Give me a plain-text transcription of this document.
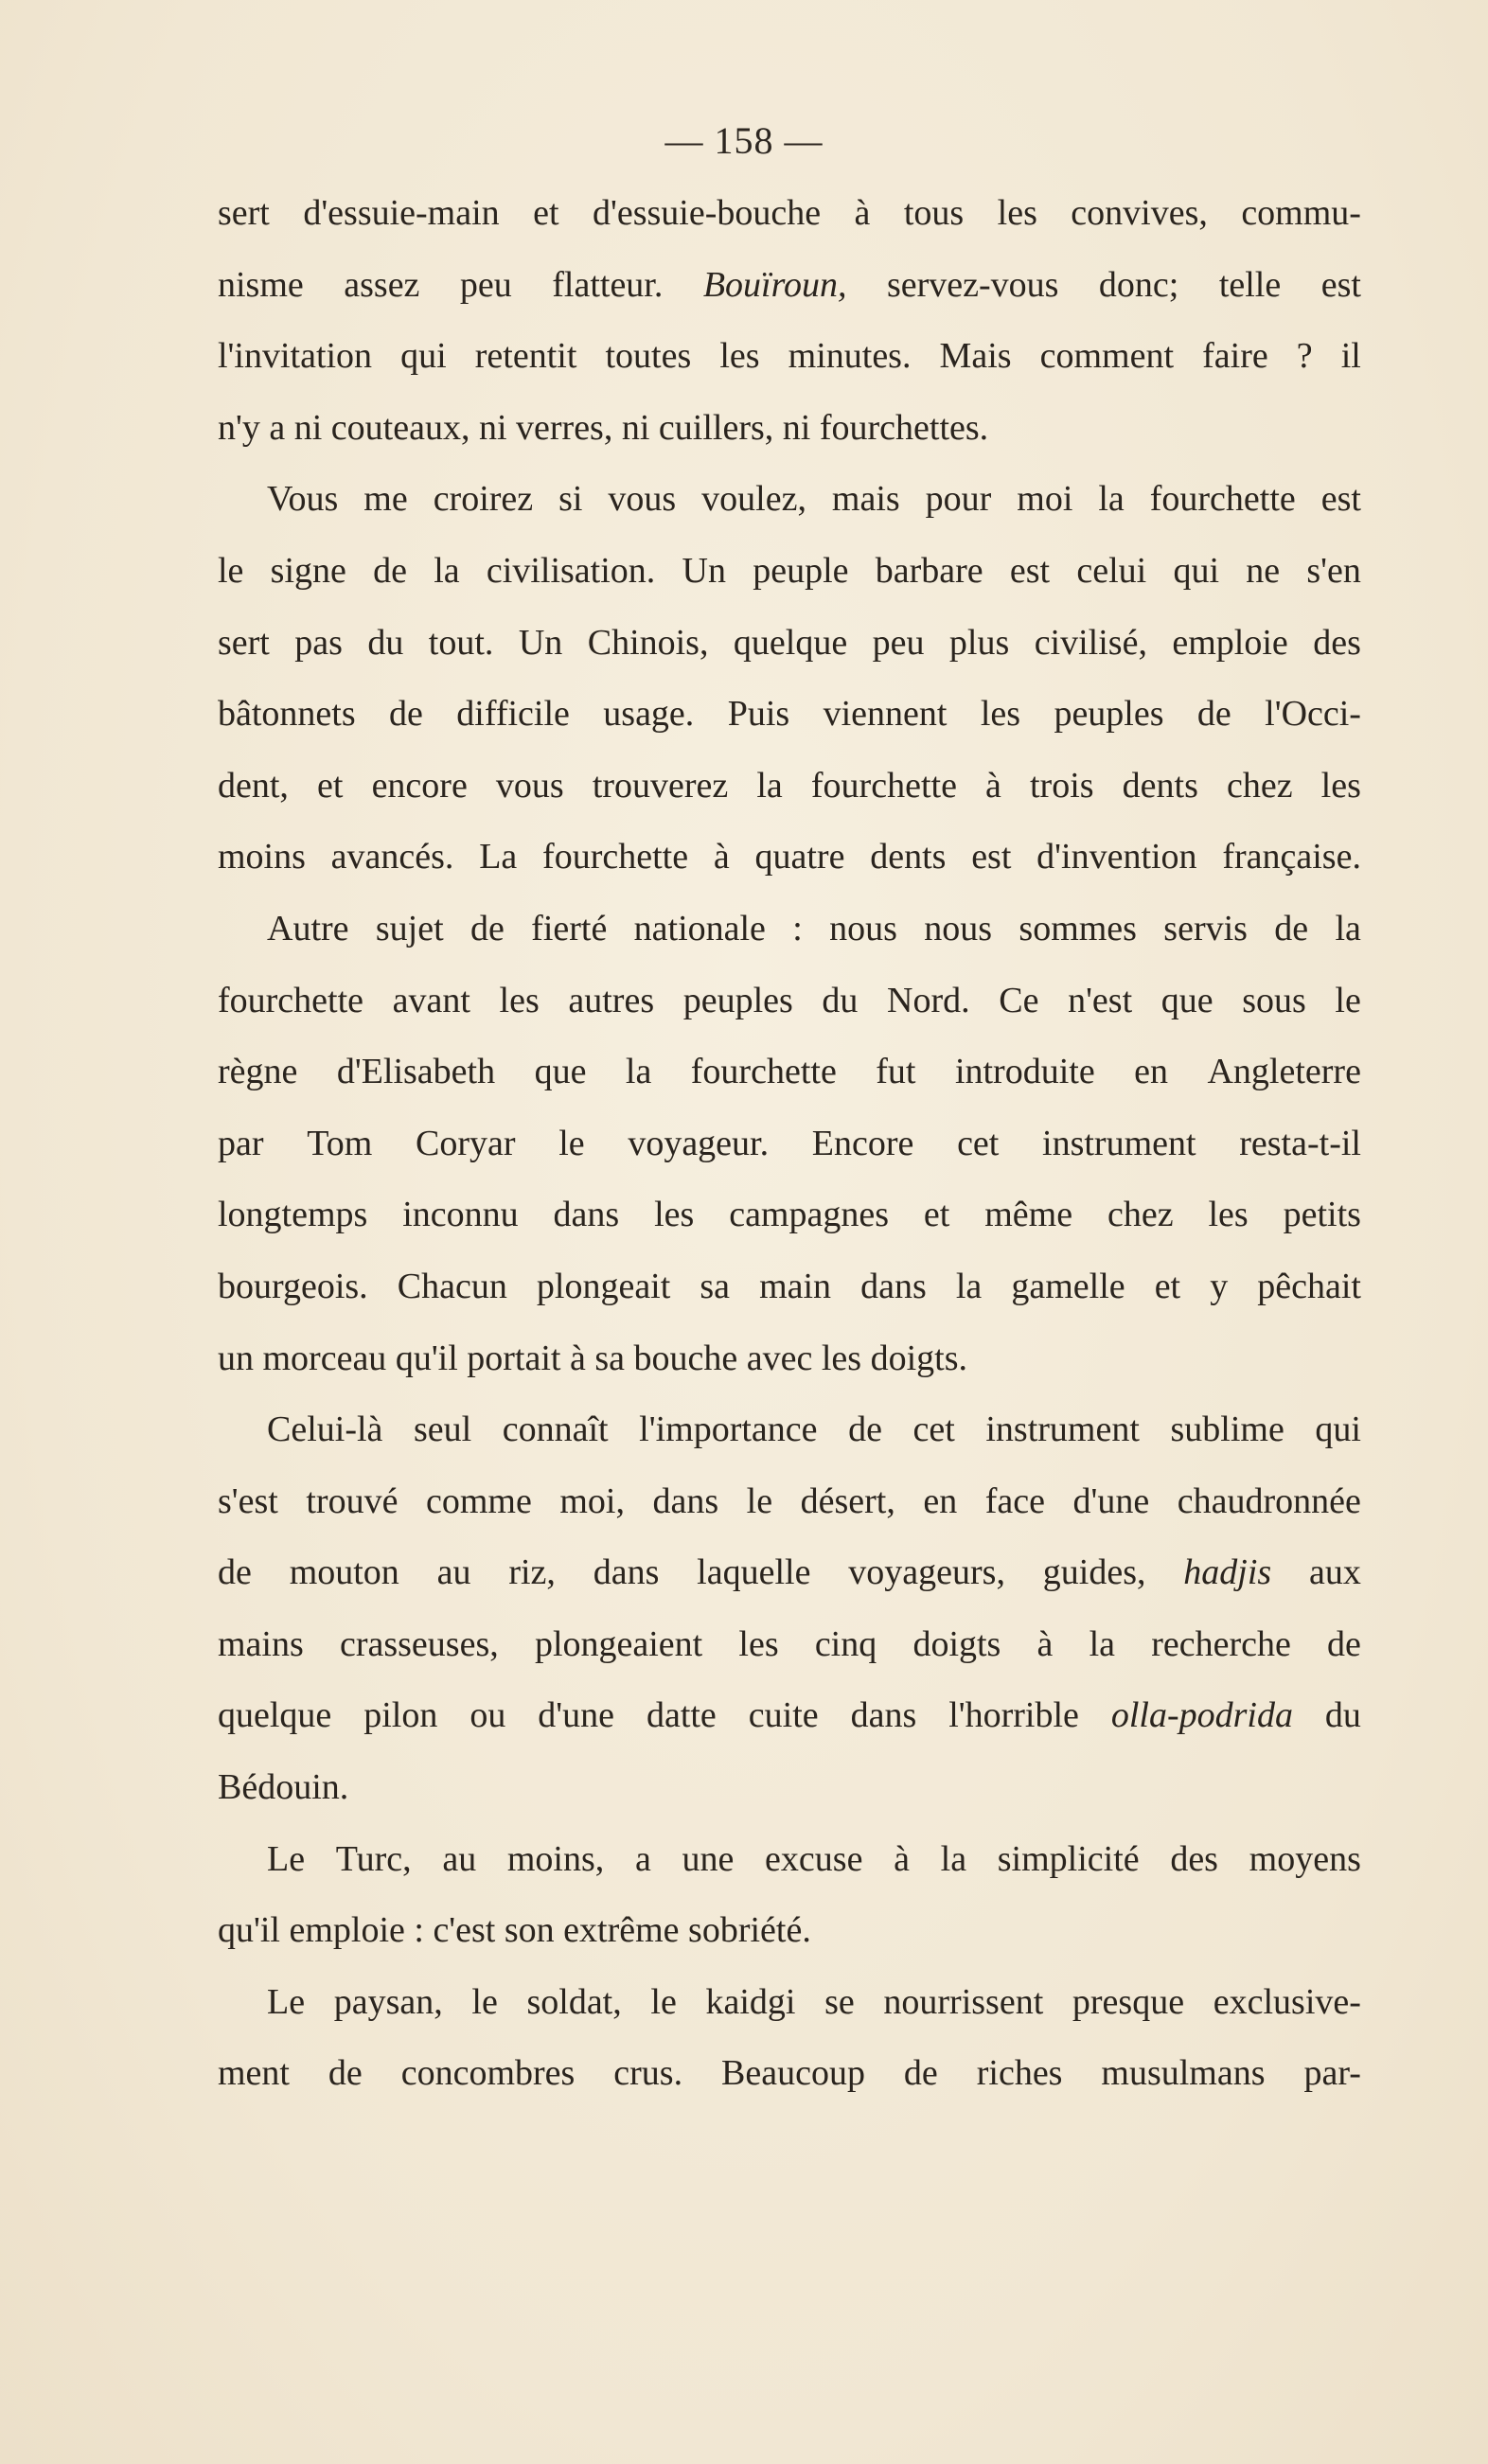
— 158 —
sert d'essuie-main et d'essuie-bouche à tous les convives, commu-
nisme assez peu flatteur. Bouïroun, servez-vous donc; telle est
l'invitation qui retentit toutes les minutes. Mais comment faire ? il
n'y
a
ni
couteaux,
ni
verres,
ni
cuillers,
ni
fourchettes.
Vous me croirez si vous voulez, mais pour moi la fourchette est
le signe de la civilisation. Un peuple barbare est celui qui ne s'en
sert pas du tout. Un Chinois, quelque peu plus civilisé, emploie des
bâtonnets de difficile usage. Puis viennent les peuples de l'Occi-
dent, et encore vous trouverez la fourchette à trois dents chez les
moins avancés. La fourchette à quatre dents est d'invention française.
Autre sujet de fierté nationale : nous nous sommes servis de la
fourchette avant les autres peuples du Nord. Ce n'est que sous le
règne d'Elisabeth que la fourchette fut introduite en Angleterre
par Tom Coryar le voyageur. Encore cet instrument resta-t-il
longtemps inconnu dans les campagnes et même chez les petits
bourgeois. Chacun plongeait sa main dans la gamelle et y pêchait
un
morceau
qu'il
portait
à
sa
bouche
avec
les
doigts.
Celui-là seul connaît l'importance de cet instrument sublime qui
s'est trouvé comme moi, dans le désert, en face d'une chaudronnée
de mouton au riz, dans laquelle voyageurs, guides, hadjis aux
mains crasseuses, plongeaient les cinq doigts à la recherche de
quelque pilon ou d'une datte cuite dans l'horrible olla-podrida du
Bédouin.
Le Turc, au moins, a une excuse à la simplicité des moyens
qu'il
emploie
:
c'est
son
extrême
sobriété.
Le paysan, le soldat, le kaidgi se nourrissent presque exclusive-
ment de concombres crus. Beaucoup de riches musulmans par-
